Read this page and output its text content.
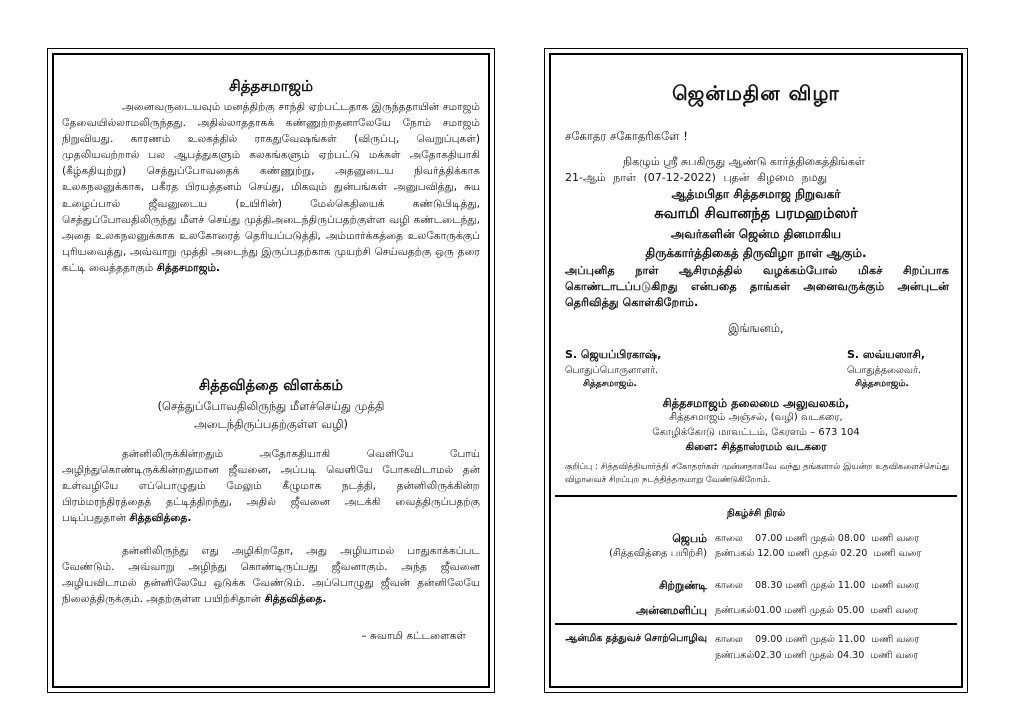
சித்தசமாஜம்

அனைவருடையவும் மனத்திற்கு சாந்தி ஏற்பட்டதாக இருந்ததாயின் சமாஜம் தேவையில்லாமலிருந்தது. அதில்லாததாகக் கண்ணுற்றதனாலேயே நோம் சமாஜம் நிறுவியது. காரணம் உலகத்தில் ராகதுவேஷங்கள் (விருப்பு, வெறுப்புகள்) முதலியவற்றால் பல ஆபத்துகளும் கலகங்களும் ஏற்பட்டு மக்கள் அதோகதியாகி (கீழ்கதியுற்று) செத்துப்போவதைக் கண்ணுற்று, அதனுடைய நிவர்த்திக்காக உலகநலனுக்காக, பகீரத பிரயத்தனம் செய்து, மிகவும் துன்பங்கள் அனுபவித்து, சுய உழைப்பால் ஜீவனுடைய (உயிரின்) மேல்கெதியைக் கண்டுபிடித்து, செத்துப்போவதிலிருந்து மீளச் செய்து முத்திஅடைந்திருப்பதற்குள்ள வழி கண்டடைந்து, அதை உலகநலனுக்காக உலகோரைத் தெரியப்படுத்தி, அம்மார்க்கத்தை உலகோருக்குப் புரியவைத்து, அவ்வாறு முத்தி அடைந்து இருப்பதற்காக முயற்சி செய்வதற்கு ஒரு தரை கட்டி வைத்ததாகும் சித்தசமாஜம்.

சித்தவித்தை விளக்கம்
(செத்துப்போவதிலிருந்து மீளச்செய்து முத்தி
அடைந்திருப்பதற்குள்ள வழி)

தன்னிலிருக்கின்றதும் அதோகதியாகி வெளியே போய் அழிந்துகொண்டிருக்கின்றதுமான ஜீவனை, அப்படி வெளியே போகவிடாமல் தன் உள்வழியே எப்பொழுதும் மேலும் கீழுமாக நடத்தி, தன்னிலிருக்கின்ற பிரம்மரந்திரத்தைத் தட்டித்திறந்து, அதில் ஜீவனை அடக்கி வைத்திருப்பதற்கு படிப்பதுதான் சித்தவித்தை.

தன்னிலிருந்து எது அழிகிறதோ, அது அழியாமல் பாதுகாக்கப்பட வேண்டும். அவ்வாறு அழிந்து கொண்டிருப்பது ஜீவனாகும். அந்த ஜீவனை அழியவிடாமல் தன்னிலேயே ஒடுக்க வேண்டும். அப்பொழுது ஜீவன் தன்னிலேயே நிலைத்திருக்கும். அதற்குள்ள பயிற்சிதான் சித்தவித்தை.

– சுவாமி கட்டளைகள்
ஜென்மதின விழா
சகோதர சகோதரிகளே !
நிகழும் ஸ்ரீ சுபகிருது ஆண்டு கார்த்திகைத்திங்கள்
21-ஆம் நாள் (07-12-2022) புதன் கிழமை நமது
ஆத்மபிதா சித்தசமாஜ நிறுவகர்
சுவாமி சிவானந்த பரமஹம்ஸர்
அவர்களின் ஜென்ம தினமாகிய
திருக்கார்த்திகைத் திருவிழா நாள் ஆகும்.

அப்புனித நாள் ஆசிரமத்தில் வழக்கம்போல் மிகச் சிறப்பாக கொண்டாடப்படுகிறது என்பதை தாங்கள் அனைவருக்கும் அன்புடன் தெரிவித்து கொள்கிறோம்.

இங்ஙனம்,
S. ஜெயப்பிரகாஷ்,
பொதுப்பொருளாளர்.
சித்தசமாஜம்.
S. ஸவ்யஸாசி,
பொதுத்தலைவர்.
சித்தசமாஜம்.
சித்தசமாஜம் தலைமை அலுவலகம்,
சித்தசமாஜம் அஞ்சல், (வழி) வடகரை,
கோழிக்கோடு மாவட்டம், கேரளம் – 673 104
கிளை: சித்தாஸ்ரமம் வடகரை

குறிப்பு : சித்தவித்தியார்த்தி சகோதரர்கள் முன்னதாகவே வந்து தங்களால் இயன்ற உதவிகளைச்செய்து விழாவைச் சிறப்புற நடத்தித்தருமாறு வேண்டுகிறோம்.

நிகழ்ச்சி நிரல்
ஜெபம் காலை    07.00 மணி முதல் 08.00  மணி வரை
(சித்தவித்தை பயிற்சி) நண்பகல் 12.00 மணி முதல் 02.20  மணி வரை
சிற்றுண்டி காலை    08.30 மணி முதல் 11.00  மணி வரை
அன்னமளிப்பு நண்பகல்01.00 மணி முதல் 05.00  மணி வரை
ஆன்மிக தத்துவச் சொற்பொழிவு காலை    09.00 மணி முதல் 11.00  மணி வரை
நண்பகல்02.30 மணி முதல் 04.30  மணி வரை
